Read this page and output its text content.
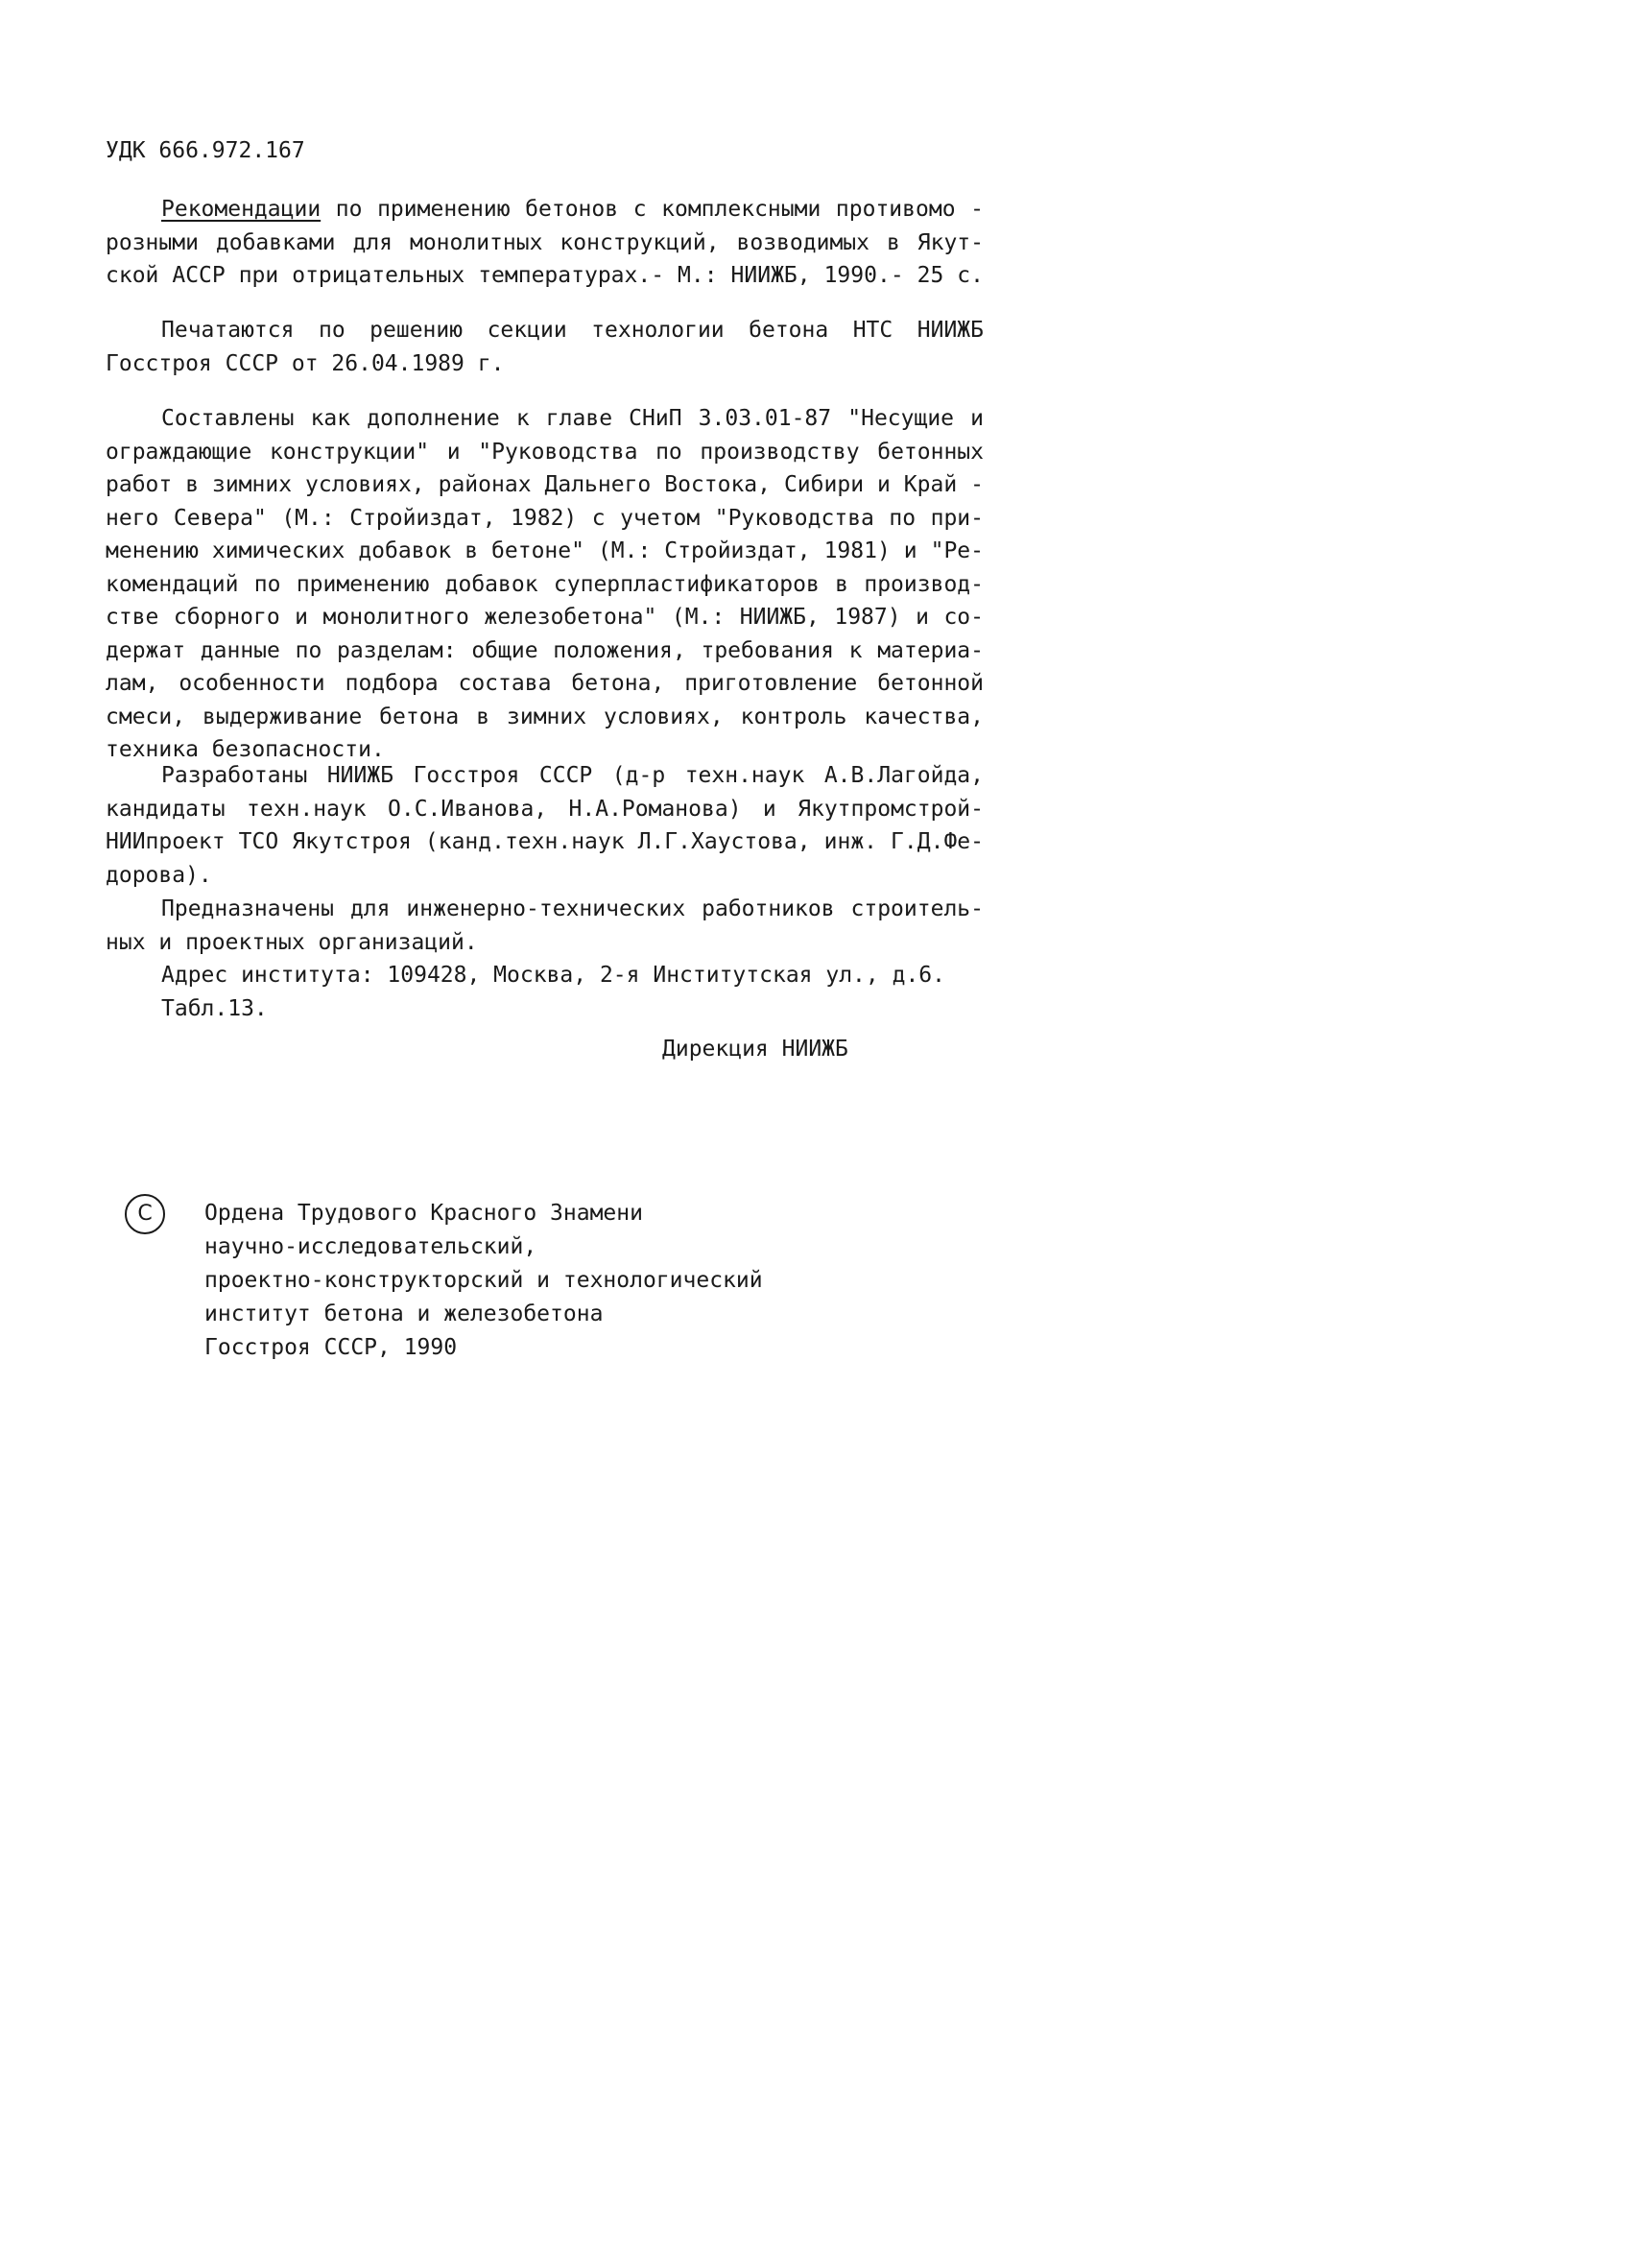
УДК 666.972.167

Рекомендации по применению бетонов с комплексными противомо -
розными добавками для монолитных конструкций, возводимых в Якут-
ской АССР при отрицательных температурах.- М.: НИИЖБ, 1990.- 25 с.
Печатаются по решению секции технологии бетона НТС НИИЖБ
Госстроя СССР от 26.04.1989 г.
Составлены как дополнение к главе СНиП 3.03.01-87 "Несущие и
ограждающие конструкции" и "Руководства по производству бетонных
работ в зимних условиях, районах Дальнего Востока, Сибири и Край -
него Севера" (М.: Стройиздат, 1982) с учетом "Руководства по при-
менению химических добавок в бетоне" (М.: Стройиздат, 1981) и "Ре-
комендаций по применению добавок суперпластификаторов в производ-
стве сборного и монолитного железобетона" (М.: НИИЖБ, 1987) и со-
держат данные по разделам: общие положения, требования к материа-
лам, особенности подбора состава бетона, приготовление бетонной
смеси, выдерживание бетона в зимних условиях, контроль качества,
техника безопасности.
Разработаны НИИЖБ Госстроя СССР (д-р техн.наук А.В.Лагойда,
кандидаты техн.наук О.С.Иванова, Н.А.Романова) и Якутпромстрой-
НИИпроект ТСО Якутстроя (канд.техн.наук Л.Г.Хаустова, инж. Г.Д.Фе-
дорова).
Предназначены для инженерно-технических работников строитель-
ных и проектных организаций.

Адрес института: 109428, Москва, 2-я Институтская ул., д.6.

Табл.13.

Дирекция НИИЖБ
С	Ордена Трудового Красного Знамени
научно-исследовательский,
проектно-конструкторский и технологический
институт бетона и железобетона
Госстроя СССР, 1990
